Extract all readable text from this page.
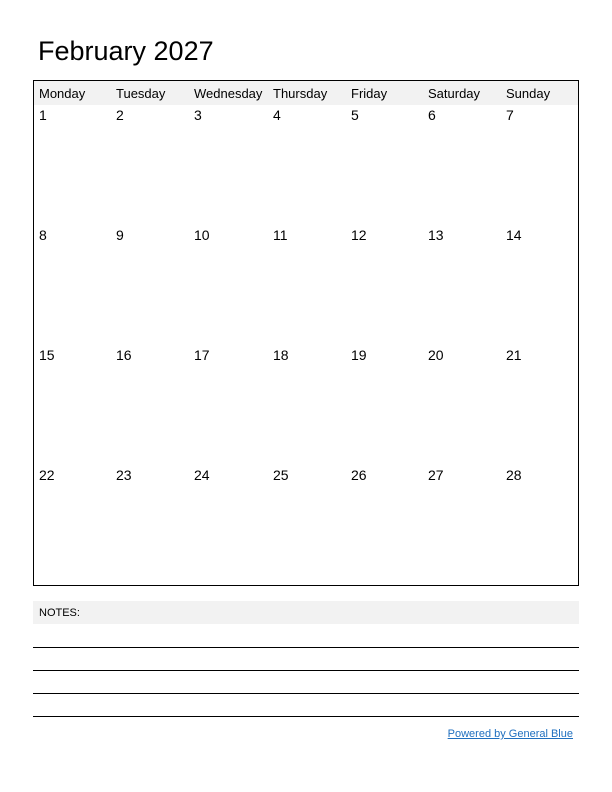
February 2027
Monday Tuesday Wednesday Thursday Friday	Saturday Sunday
1	2	3	4	5	6	7
8	9	10	11	12	13	14
15	16	17	18	19	20	21
22	23	24	25	26	27	28
NOTES:
Powered by General Blue
